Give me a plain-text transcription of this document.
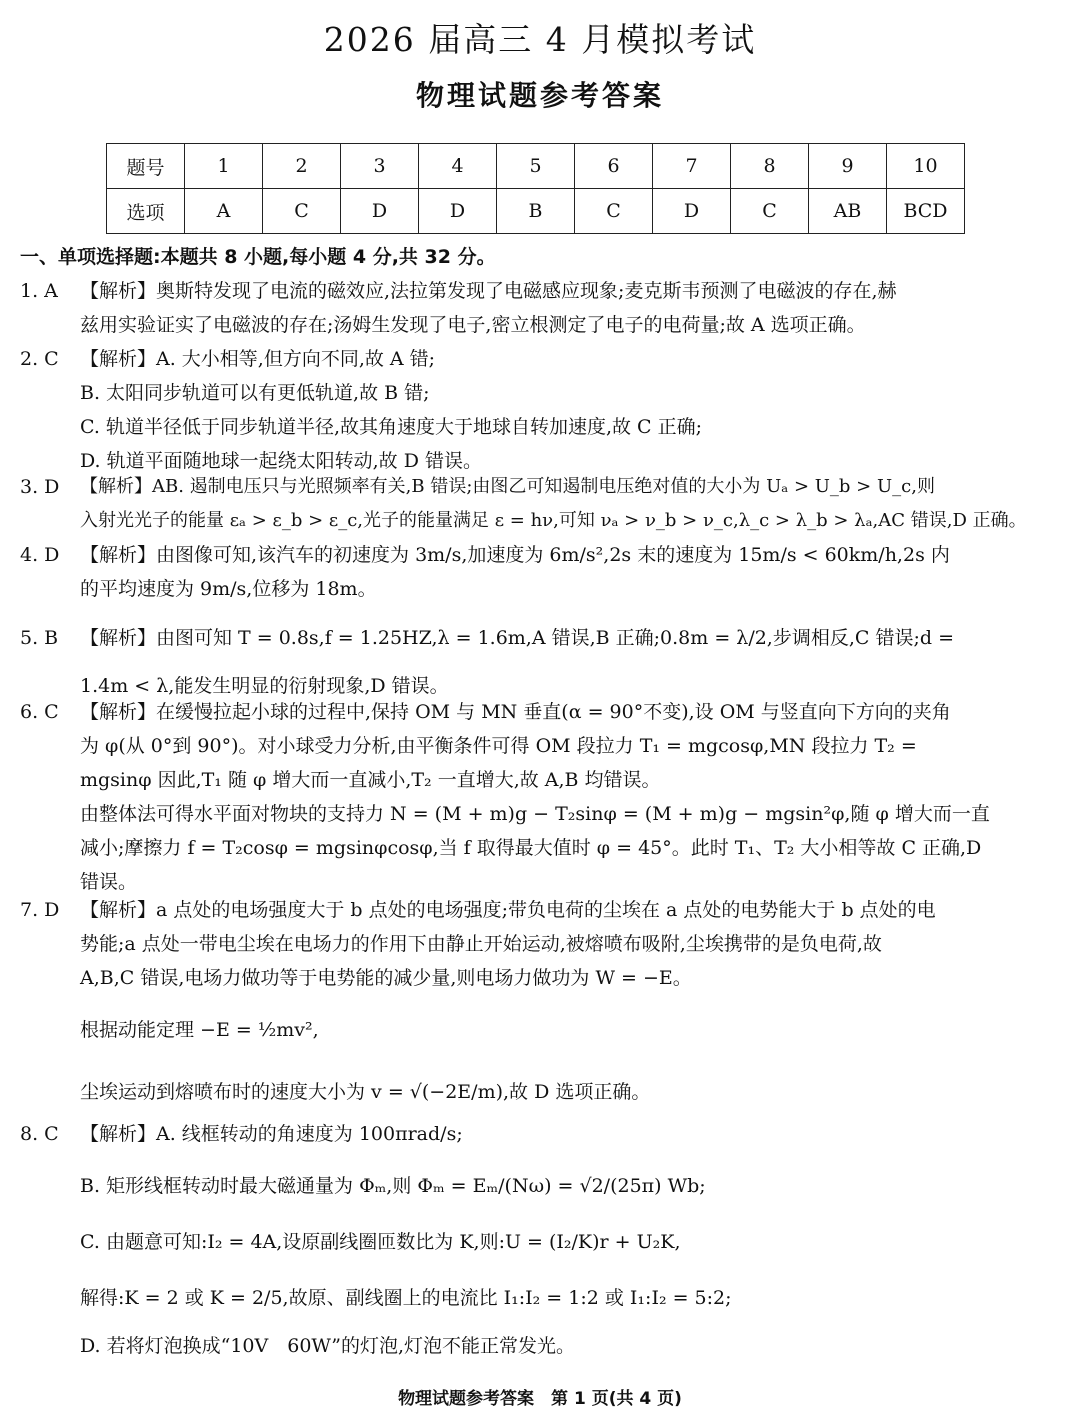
2026 届高三 4 月模拟考试
物理试题参考答案
题号	1	2	3	4	5	6	7	8	9	10
选项	A	C	D	D	B	C	D	C	AB	BCD
一、单项选择题:本题共 8 小题,每小题 4 分,共 32 分。
1. A 【解析】奥斯特发现了电流的磁效应,法拉第发现了电磁感应现象;麦克斯韦预测了电磁波的存在,赫

兹用实验证实了电磁波的存在;汤姆生发现了电子,密立根测定了电子的电荷量;故 A 选项正确。

2. C 【解析】A. 大小相等,但方向不同,故 A 错;

B. 太阳同步轨道可以有更低轨道,故 B 错;

C. 轨道半径低于同步轨道半径,故其角速度大于地球自转加速度,故 C 正确;

D. 轨道平面随地球一起绕太阳转动,故 D 错误。

3. D 【解析】AB. 遏制电压只与光照频率有关,B 错误;由图乙可知遏制电压绝对值的大小为 Uₐ > U_b > U_c,则

入射光光子的能量 εₐ > ε_b > ε_c,光子的能量满足 ε = hν,可知 νₐ > ν_b > ν_c,λ_c > λ_b > λₐ,AC 错误,D 正确。

4. D 【解析】由图像可知,该汽车的初速度为 3m/s,加速度为 6m/s²,2s 末的速度为 15m/s < 60km/h,2s 内

的平均速度为 9m/s,位移为 18m。

5. B 【解析】由图可知 T = 0.8s,f = 1.25HZ,λ = 1.6m,A 错误,B 正确;0.8m = λ/2,步调相反,C 错误;d =

1.4m < λ,能发生明显的衍射现象,D 错误。

6. C 【解析】在缓慢拉起小球的过程中,保持 OM 与 MN 垂直(α = 90°不变),设 OM 与竖直向下方向的夹角

为 φ(从 0°到 90°)。对小球受力分析,由平衡条件可得 OM 段拉力 T₁ = mgcosφ,MN 段拉力 T₂ =

mgsinφ 因此,T₁ 随 φ 增大而一直减小,T₂ 一直增大,故 A,B 均错误。

由整体法可得水平面对物块的支持力 N = (M + m)g − T₂sinφ = (M + m)g − mgsin²φ,随 φ 增大而一直

减小;摩擦力 f = T₂cosφ = mgsinφcosφ,当 f 取得最大值时 φ = 45°。此时 T₁、T₂ 大小相等故 C 正确,D

错误。

7. D 【解析】a 点处的电场强度大于 b 点处的电场强度;带负电荷的尘埃在 a 点处的电势能大于 b 点处的电

势能;a 点处一带电尘埃在电场力的作用下由静止开始运动,被熔喷布吸附,尘埃携带的是负电荷,故

A,B,C 错误,电场力做功等于电势能的减少量,则电场力做功为 W = −E。

根据动能定理 −E = ½mv²,

尘埃运动到熔喷布时的速度大小为 v = √(−2E/m),故 D 选项正确。

8. C 【解析】A. 线框转动的角速度为 100πrad/s;

B. 矩形线框转动时最大磁通量为 Φₘ,则 Φₘ = Eₘ/(Nω) = √2/(25π) Wb;

C. 由题意可知:I₂ = 4A,设原副线圈匝数比为 K,则:U = (I₂/K)r + U₂K,

解得:K = 2 或 K = 2/5,故原、副线圈上的电流比 I₁:I₂ = 1:2 或 I₁:I₂ = 5:2;

D. 若将灯泡换成“10V　60W”的灯泡,灯泡不能正常发光。

物理试题参考答案　第 1 页(共 4 页)
